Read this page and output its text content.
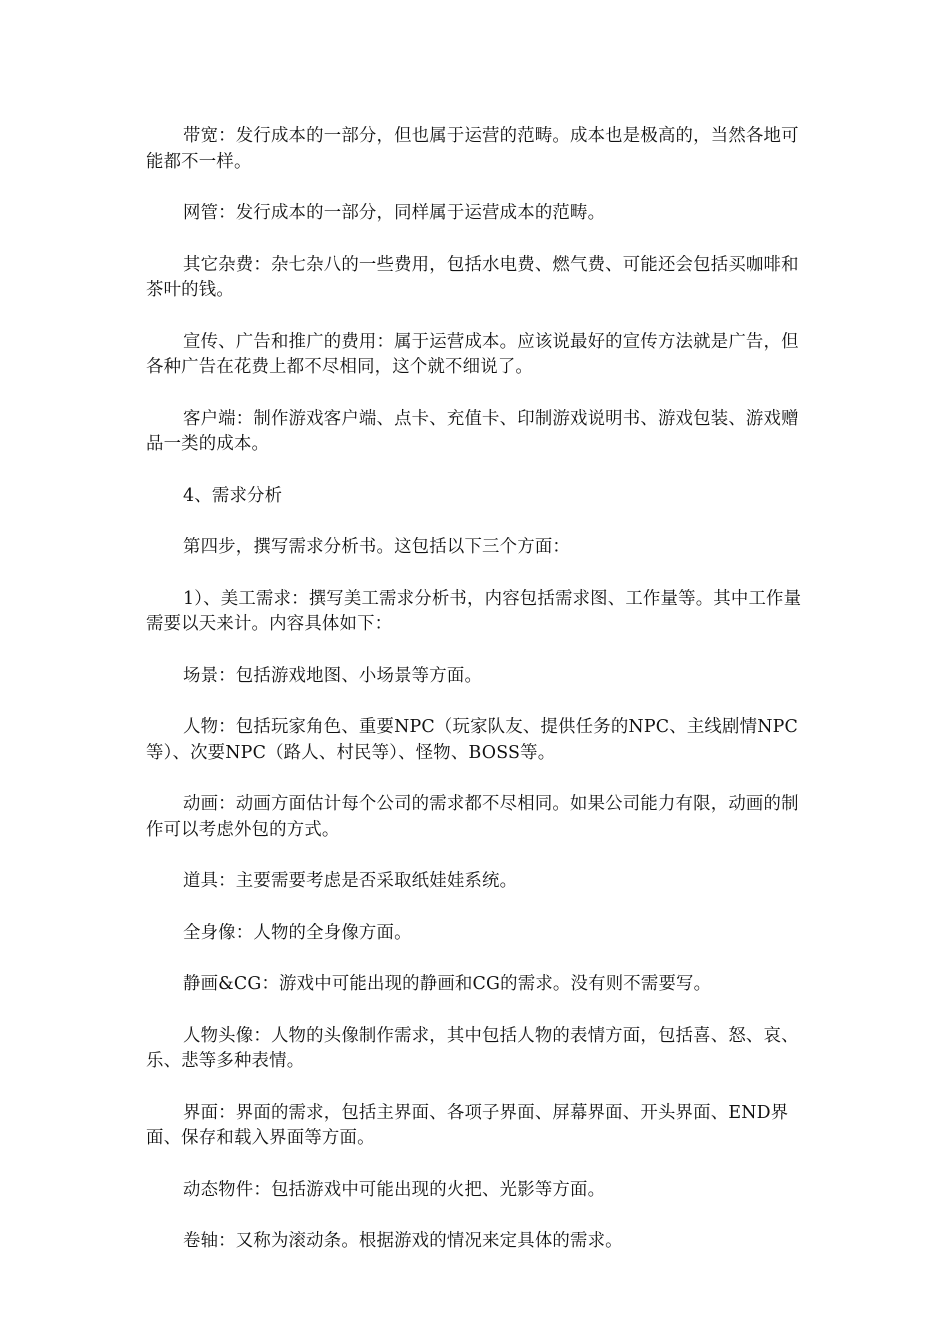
带宽：发行成本的一部分，但也属于运营的范畴。成本也是极高的，当然各地可能都不一样。

网管：发行成本的一部分，同样属于运营成本的范畴。

其它杂费：杂七杂八的一些费用，包括水电费、燃气费、可能还会包括买咖啡和茶叶的钱。

宣传、广告和推广的费用：属于运营成本。应该说最好的宣传方法就是广告，但各种广告在花费上都不尽相同，这个就不细说了。

客户端：制作游戏客户端、点卡、充值卡、印制游戏说明书、游戏包装、游戏赠品一类的成本。

4、需求分析

第四步，撰写需求分析书。这包括以下三个方面：

1）、美工需求：撰写美工需求分析书，内容包括需求图、工作量等。其中工作量需要以天来计。内容具体如下：

场景：包括游戏地图、小场景等方面。

人物：包括玩家角色、重要NPC（玩家队友、提供任务的NPC、主线剧情NPC等）、次要NPC（路人、村民等）、怪物、BOSS等。

动画：动画方面估计每个公司的需求都不尽相同。如果公司能力有限，动画的制作可以考虑外包的方式。

道具：主要需要考虑是否采取纸娃娃系统。

全身像：人物的全身像方面。

静画&CG：游戏中可能出现的静画和CG的需求。没有则不需要写。

人物头像：人物的头像制作需求，其中包括人物的表情方面，包括喜、怒、哀、乐、悲等多种表情。

界面：界面的需求，包括主界面、各项子界面、屏幕界面、开头界面、END界面、保存和载入界面等方面。

动态物件：包括游戏中可能出现的火把、光影等方面。

卷轴：又称为滚动条。根据游戏的情况来定具体的需求。
